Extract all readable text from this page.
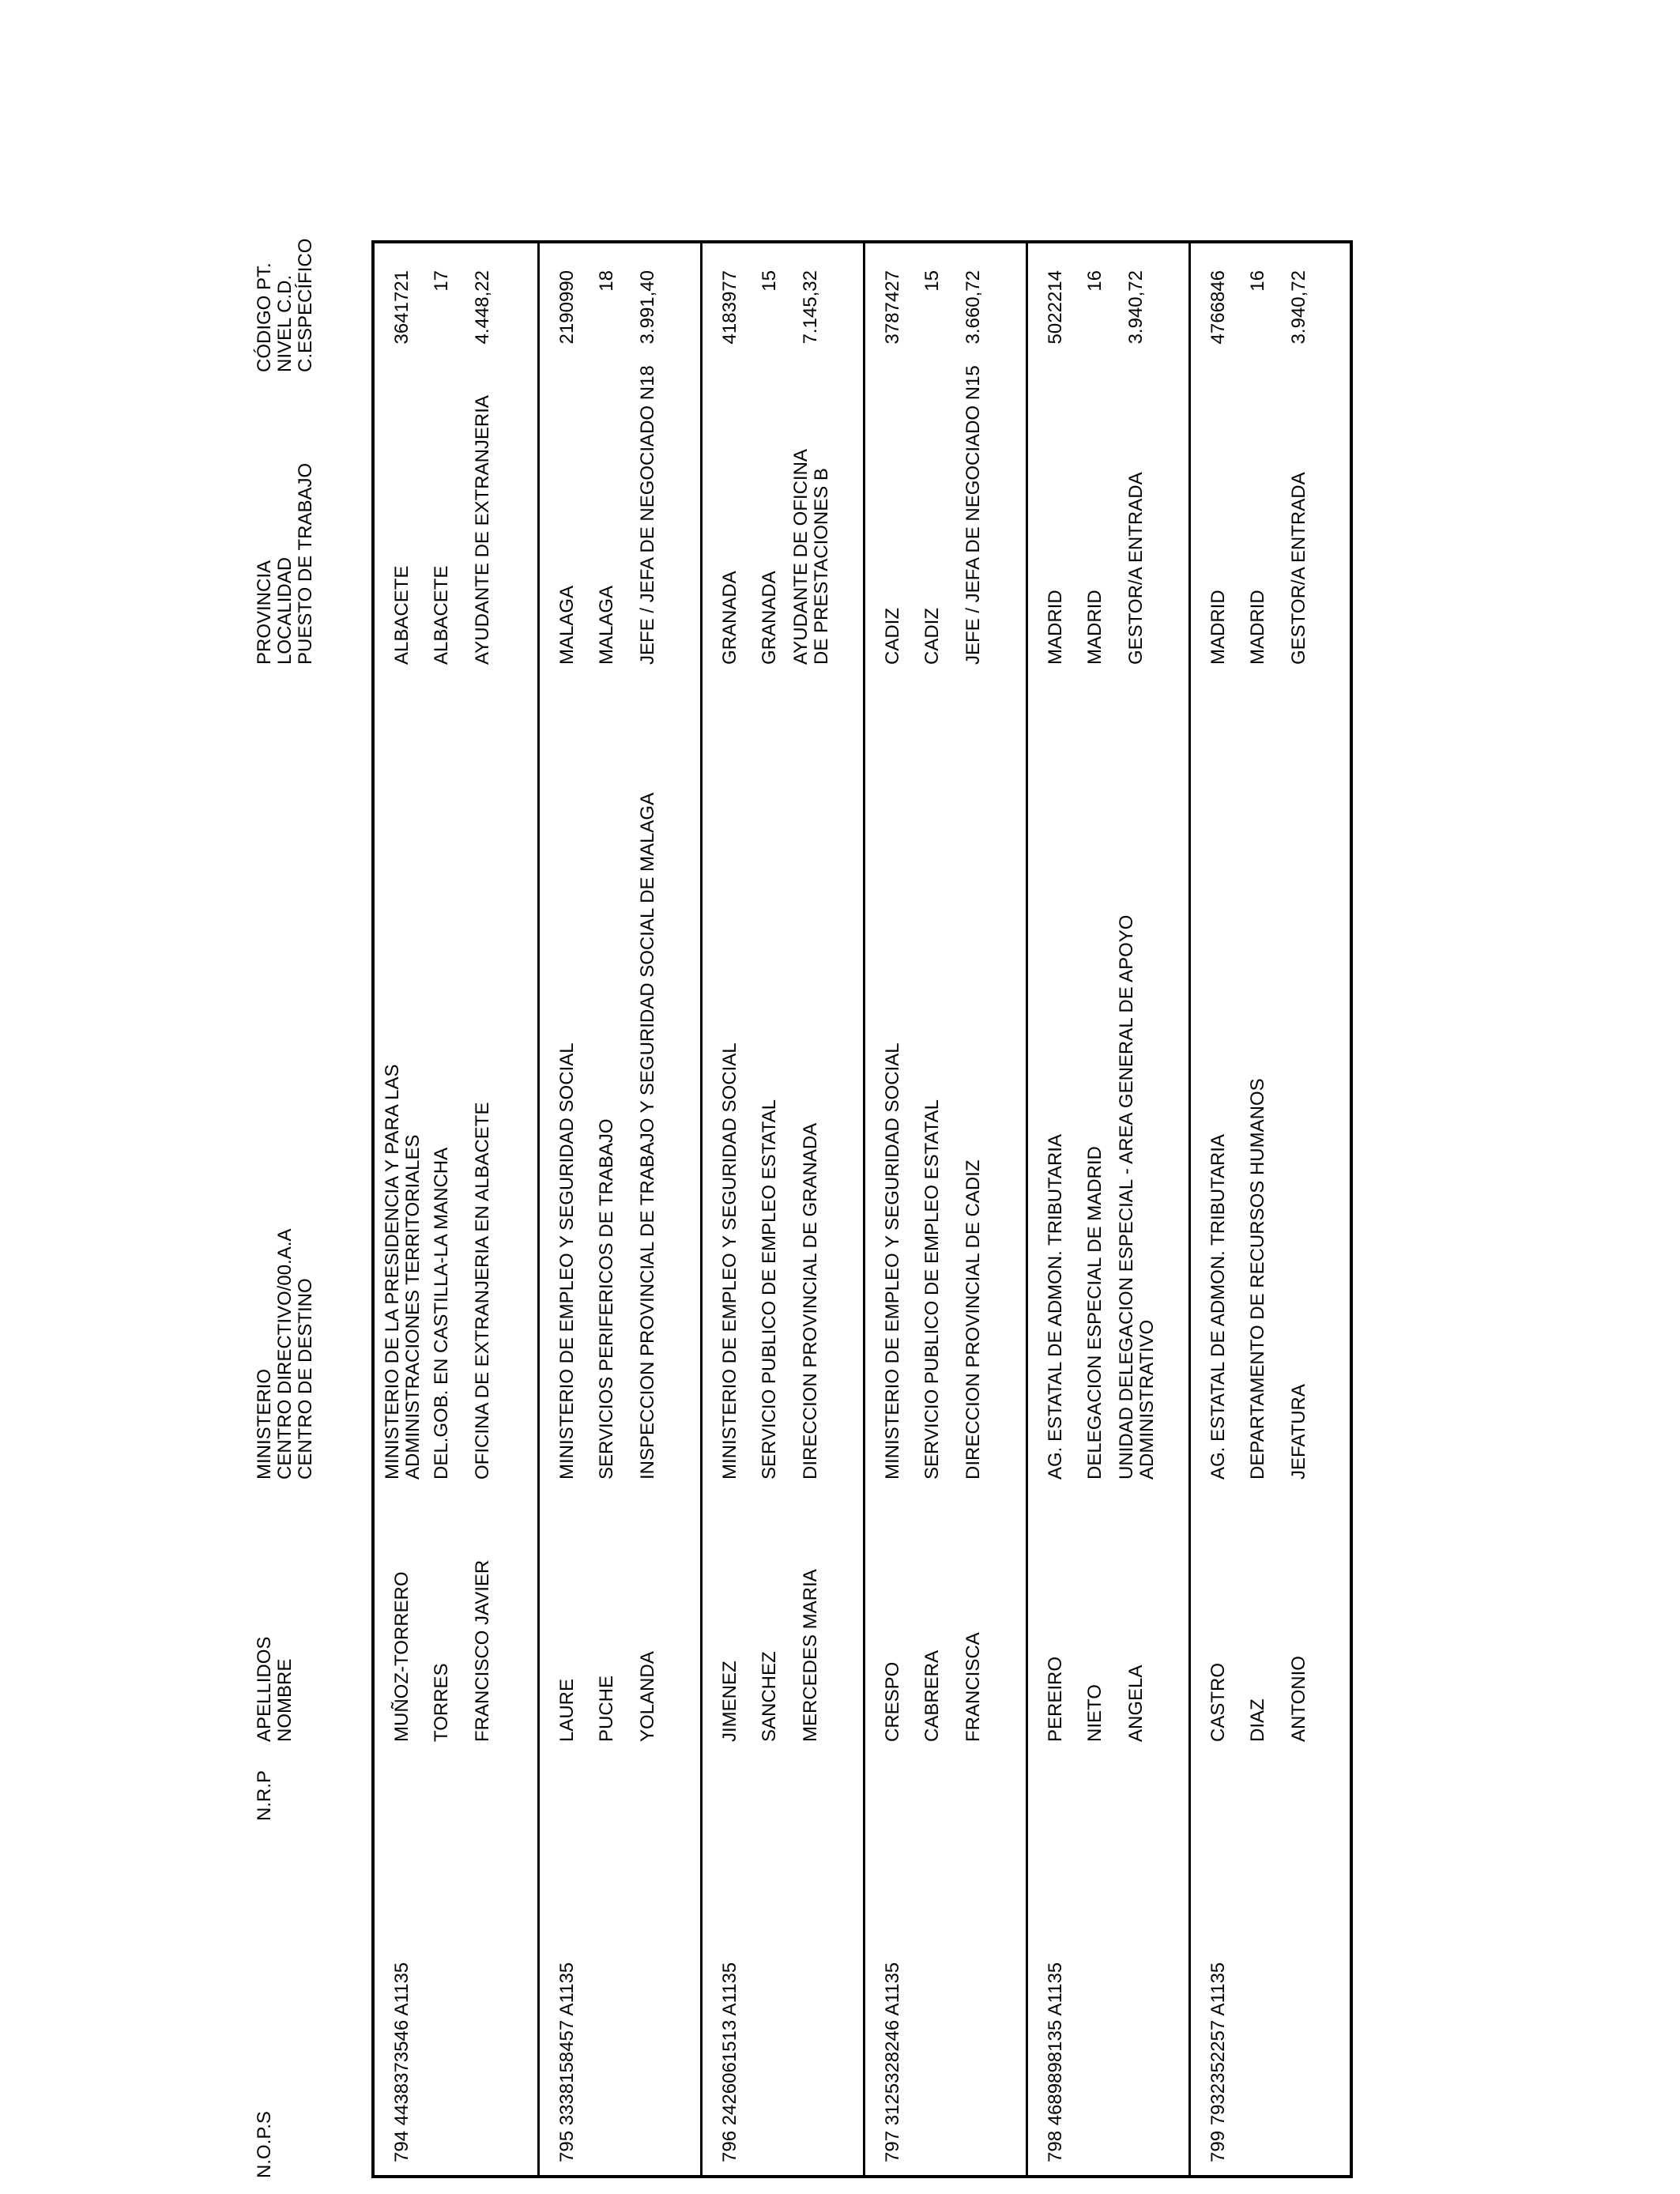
N.O.P.S
N.R.P
APELLIDOS NOMBRE
MINISTERIO CENTRO DIRECTIVO/00.A.A CENTRO DE DESTINO
PROVINCIA LOCALIDAD PUESTO DE TRABAJO
CÓDIGO PT. NIVEL C.D. C.ESPECÍFICO
794 4438373546 A1135
MUÑOZ-TORRERO TORRES FRANCISCO JAVIER
MINISTERIO DE LA PRESIDENCIA Y PARA LAS ADMINISTRACIONES TERRITORIALES DEL.GOB. EN CASTILLA-LA MANCHA OFICINA DE EXTRANJERIA EN ALBACETE
ALBACETE ALBACETE AYUDANTE DE EXTRANJERIA
3641721 17 4.448,22
795 3338158457 A1135
LAURE PUCHE YOLANDA
MINISTERIO DE EMPLEO Y SEGURIDAD SOCIAL SERVICIOS PERIFERICOS DE TRABAJO INSPECCION PROVINCIAL DE TRABAJO Y SEGURIDAD SOCIAL DE MALAGA
MALAGA MALAGA JEFE / JEFA DE NEGOCIADO N18
2190990 18 3.991,40
796 2426061513 A1135
JIMENEZ SANCHEZ MERCEDES MARIA
MINISTERIO DE EMPLEO Y SEGURIDAD SOCIAL SERVICIO PUBLICO DE EMPLEO ESTATAL DIRECCION PROVINCIAL DE GRANADA
GRANADA GRANADA AYUDANTE DE OFICINA DE PRESTACIONES B
4183977 15 7.145,32
797 3125328246 A1135
CRESPO CABRERA FRANCISCA
MINISTERIO DE EMPLEO Y SEGURIDAD SOCIAL SERVICIO PUBLICO DE EMPLEO ESTATAL DIRECCION PROVINCIAL DE CADIZ
CADIZ CADIZ JEFE / JEFA DE NEGOCIADO N15
3787427 15 3.660,72
798 4689898135 A1135
PEREIRO NIETO ANGELA
AG. ESTATAL DE ADMON. TRIBUTARIA DELEGACION ESPECIAL DE MADRID UNIDAD DELEGACION ESPECIAL - AREA GENERAL DE APOYO ADMINISTRATIVO
MADRID MADRID GESTOR/A ENTRADA
5022214 16 3.940,72
799 7932352257 A1135
CASTRO DIAZ ANTONIO
AG. ESTATAL DE ADMON. TRIBUTARIA DEPARTAMENTO DE RECURSOS HUMANOS JEFATURA
MADRID MADRID GESTOR/A ENTRADA
4766846 16 3.940,72
